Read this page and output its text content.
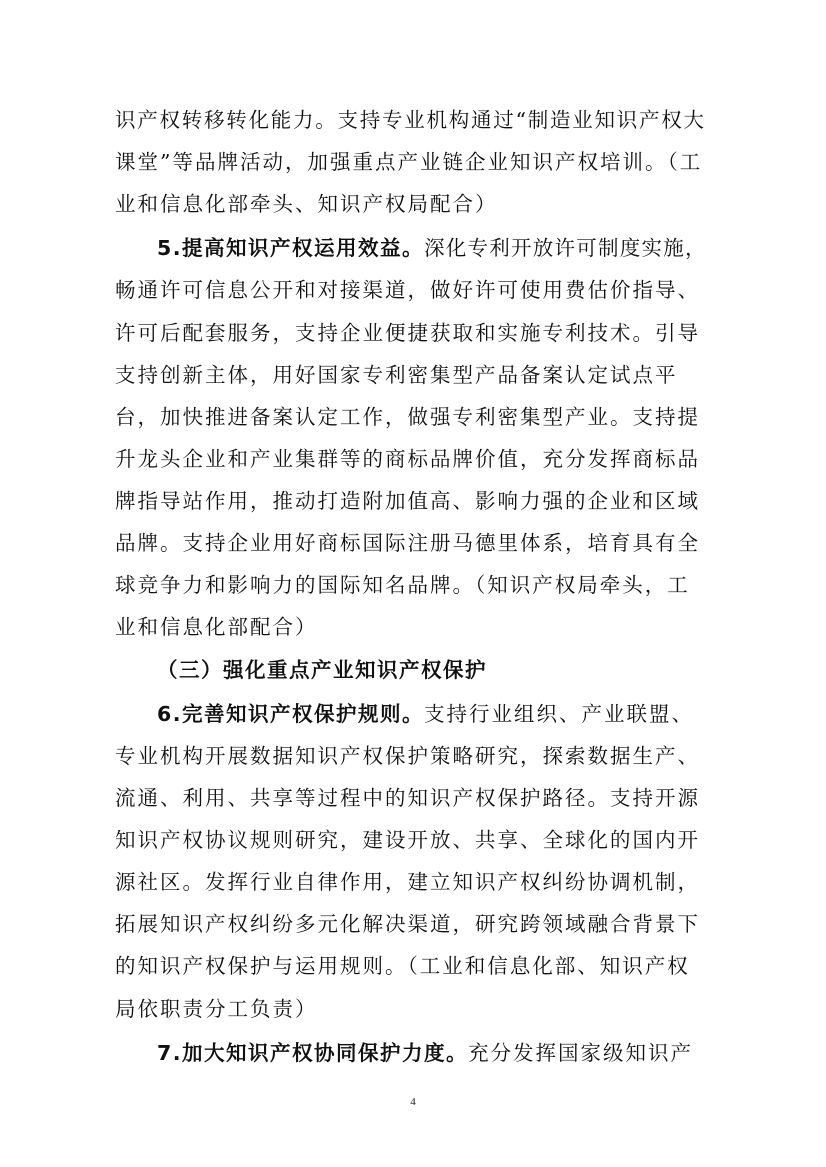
识产权转移转化能力。支持专业机构通过“制造业知识产权大
课堂”等品牌活动，加强重点产业链企业知识产权培训。（工
业和信息化部牵头、知识产权局配合）
5.提高知识产权运用效益。深化专利开放许可制度实施，
畅通许可信息公开和对接渠道，做好许可使用费估价指导、
许可后配套服务，支持企业便捷获取和实施专利技术。引导
支持创新主体，用好国家专利密集型产品备案认定试点平
台，加快推进备案认定工作，做强专利密集型产业。支持提
升龙头企业和产业集群等的商标品牌价值，充分发挥商标品
牌指导站作用，推动打造附加值高、影响力强的企业和区域
品牌。支持企业用好商标国际注册马德里体系，培育具有全
球竞争力和影响力的国际知名品牌。（知识产权局牵头，工
业和信息化部配合）
（三）强化重点产业知识产权保护
6.完善知识产权保护规则。支持行业组织、产业联盟、
专业机构开展数据知识产权保护策略研究，探索数据生产、
流通、利用、共享等过程中的知识产权保护路径。支持开源
知识产权协议规则研究，建设开放、共享、全球化的国内开
源社区。发挥行业自律作用，建立知识产权纠纷协调机制，
拓展知识产权纠纷多元化解决渠道，研究跨领域融合背景下
的知识产权保护与运用规则。（工业和信息化部、知识产权
局依职责分工负责）
7.加大知识产权协同保护力度。充分发挥国家级知识产
4
